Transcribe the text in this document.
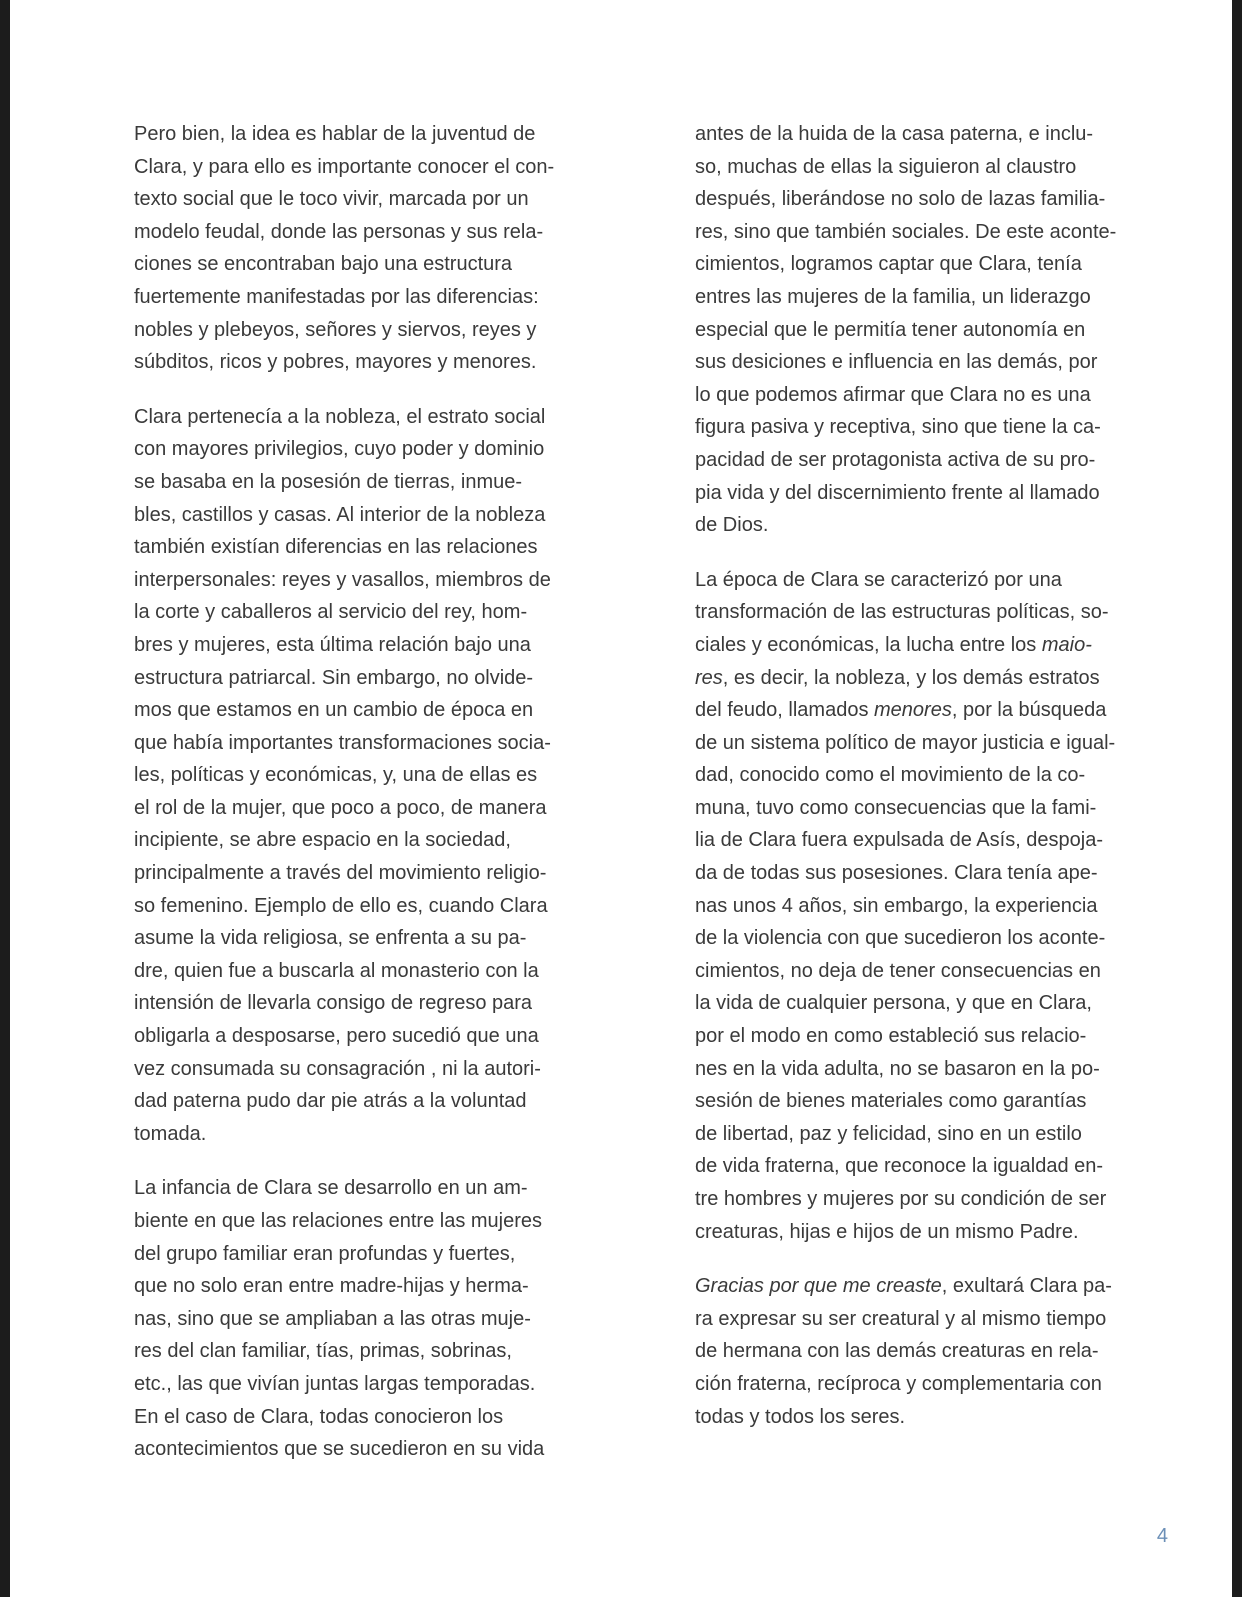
Pero bien, la idea es hablar de la juventud de
Clara, y para ello es importante conocer el con-
texto social que le toco vivir, marcada por un
modelo feudal, donde las personas y sus rela-
ciones se encontraban bajo una estructura
fuertemente manifestadas por las diferencias:
nobles y plebeyos, señores y siervos, reyes y
súbditos, ricos y pobres, mayores y menores.
Clara pertenecía a la nobleza, el estrato social
con mayores privilegios, cuyo poder y dominio
se basaba en la posesión de tierras, inmue-
bles, castillos y casas. Al interior de la nobleza
también existían diferencias en las relaciones
interpersonales: reyes y vasallos, miembros de
la corte y caballeros al servicio del rey, hom-
bres y mujeres, esta última relación bajo una
estructura patriarcal. Sin embargo, no olvide-
mos que estamos en un cambio de época en
que había importantes transformaciones socia-
les, políticas y económicas, y, una de ellas es
el rol de la mujer, que poco a poco, de manera
incipiente, se abre espacio en la sociedad,
principalmente a través del movimiento religio-
so femenino. Ejemplo de ello es, cuando Clara
asume la vida religiosa, se enfrenta a su pa-
dre, quien fue a buscarla al monasterio con la
intensión de llevarla consigo de regreso para
obligarla a desposarse, pero sucedió que una
vez consumada su consagración , ni la autori-
dad paterna pudo dar pie atrás a la voluntad
tomada.
La infancia de Clara se desarrollo en un am-
biente en que las relaciones entre las mujeres
del grupo familiar eran profundas y fuertes,
que no solo eran entre madre-hijas y herma-
nas, sino que se ampliaban a las otras muje-
res del clan familiar, tías, primas, sobrinas,
etc., las que vivían juntas largas temporadas.
En el caso de Clara, todas conocieron los
acontecimientos que se sucedieron en su vida
antes de la huida de la casa paterna, e inclu-
so, muchas de ellas la siguieron al claustro
después, liberándose no solo de lazas familia-
res, sino que también sociales. De este aconte-
cimientos, logramos captar que Clara, tenía
entres las mujeres de la familia, un liderazgo
especial que le permitía tener autonomía en
sus desiciones e influencia en las demás, por
lo que podemos afirmar que Clara no es una
figura pasiva y receptiva, sino que tiene la ca-
pacidad de ser protagonista activa de su pro-
pia vida y del discernimiento frente al llamado
de Dios.
La época de Clara se caracterizó por una
transformación de las estructuras políticas, so-
ciales y económicas, la lucha entre los maio-
res, es decir, la nobleza, y los demás estratos
del feudo, llamados menores, por la búsqueda
de un sistema político de mayor justicia e igual-
dad, conocido como el movimiento de la co-
muna, tuvo como consecuencias que la fami-
lia de Clara fuera expulsada de Asís, despoja-
da de todas sus posesiones. Clara tenía ape-
nas unos 4 años, sin embargo, la experiencia
de la violencia con que sucedieron los aconte-
cimientos, no deja de tener consecuencias en
la vida de cualquier persona, y que en Clara,
por el modo en como estableció sus relacio-
nes en la vida adulta, no se basaron en la po-
sesión de bienes materiales como garantías
de libertad, paz y felicidad, sino en un estilo
de vida fraterna, que reconoce la igualdad en-
tre hombres y mujeres por su condición de ser
creaturas, hijas e hijos de un mismo Padre.
Gracias por que me creaste, exultará Clara pa-
ra expresar su ser creatural y al mismo tiempo
de hermana con las demás creaturas en rela-
ción fraterna, recíproca y complementaria con
todas y todos los seres.
4
